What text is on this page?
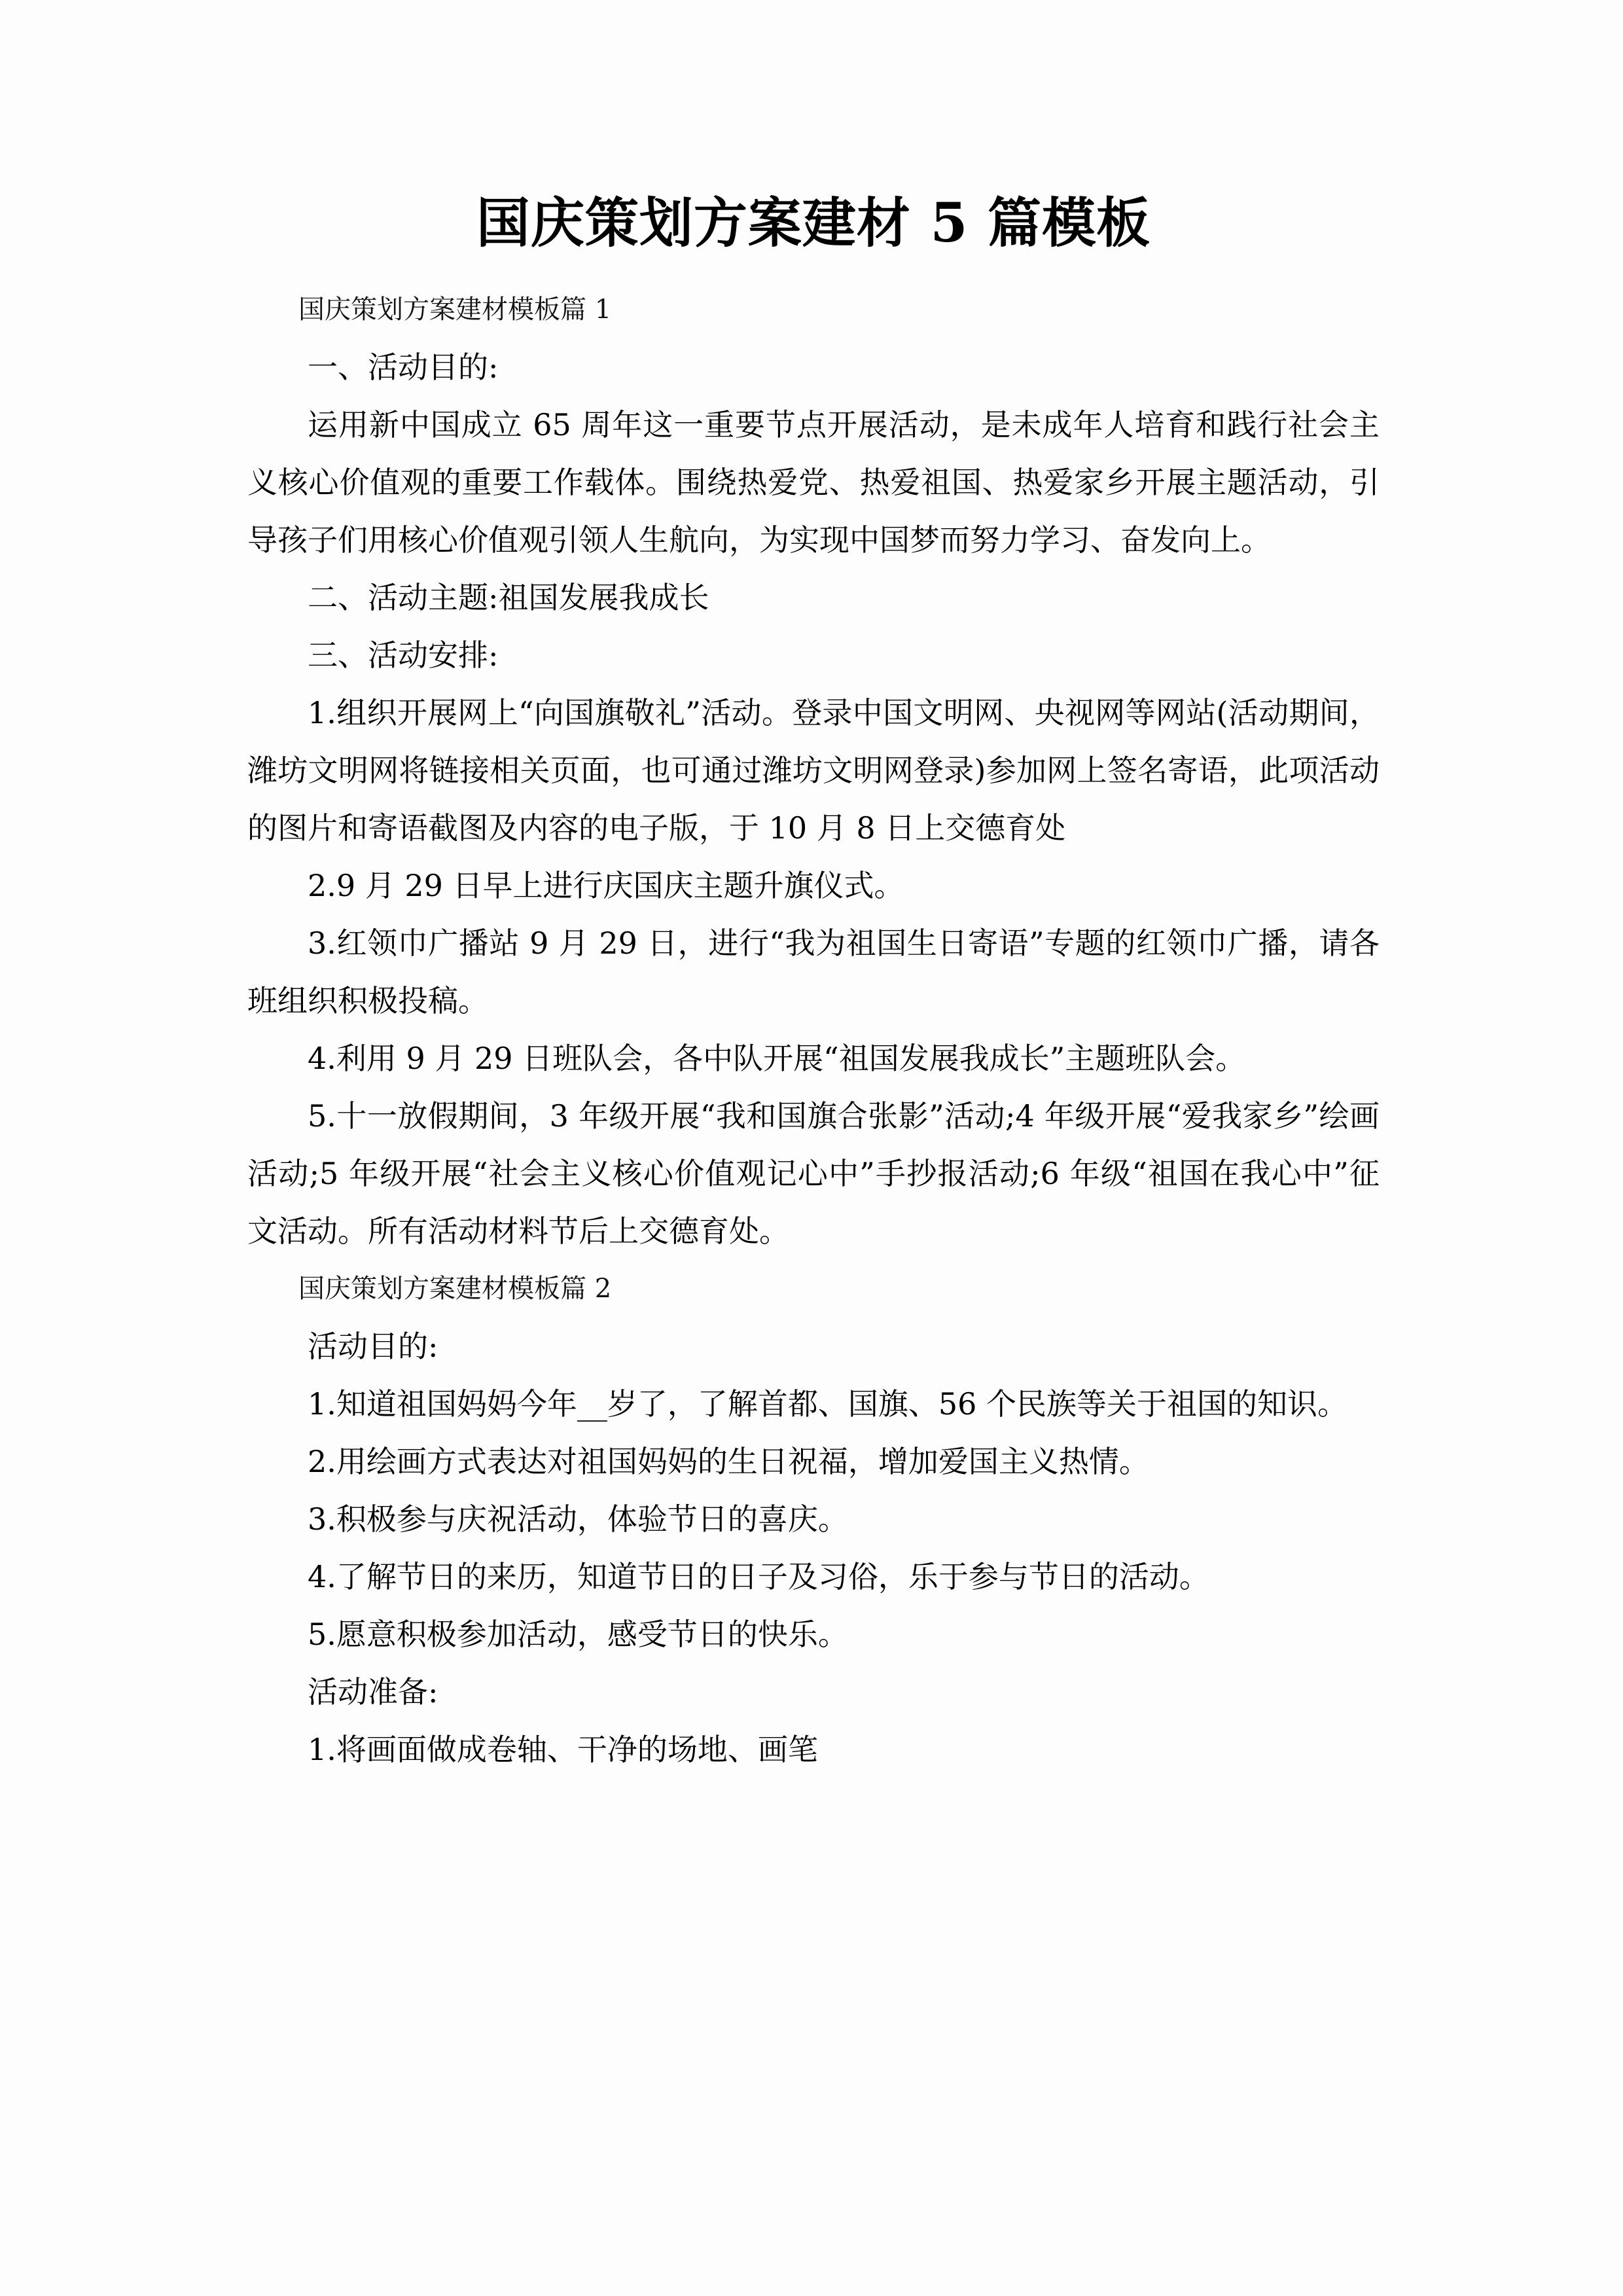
国庆策划方案建材 5 篇模板

国庆策划方案建材模板篇 1

一、活动目的:

运用新中国成立 65 周年这一重要节点开展活动，是未成年人培育和践行社会主义核心价值观的重要工作载体。围绕热爱党、热爱祖国、热爱家乡开展主题活动，引导孩子们用核心价值观引领人生航向，为实现中国梦而努力学习、奋发向上。

二、活动主题:祖国发展我成长

三、活动安排:

1.组织开展网上“向国旗敬礼”活动。登录中国文明网、央视网等网站(活动期间，潍坊文明网将链接相关页面，也可通过潍坊文明网登录)参加网上签名寄语，此项活动的图片和寄语截图及内容的电子版，于 10 月 8 日上交德育处

2.9 月 29 日早上进行庆国庆主题升旗仪式。

3.红领巾广播站 9 月 29 日，进行“我为祖国生日寄语”专题的红领巾广播，请各班组织积极投稿。

4.利用 9 月 29 日班队会，各中队开展“祖国发展我成长”主题班队会。

5.十一放假期间，3 年级开展“我和国旗合张影”活动;4 年级开展“爱我家乡”绘画活动;5 年级开展“社会主义核心价值观记心中”手抄报活动;6 年级“祖国在我心中”征文活动。所有活动材料节后上交德育处。

国庆策划方案建材模板篇 2

活动目的:

1.知道祖国妈妈今年__岁了，了解首都、国旗、56 个民族等关于祖国的知识。

2.用绘画方式表达对祖国妈妈的生日祝福，增加爱国主义热情。

3.积极参与庆祝活动，体验节日的喜庆。

4.了解节日的来历，知道节日的日子及习俗，乐于参与节日的活动。

5.愿意积极参加活动，感受节日的快乐。

活动准备:

1.将画面做成卷轴、干净的场地、画笔
